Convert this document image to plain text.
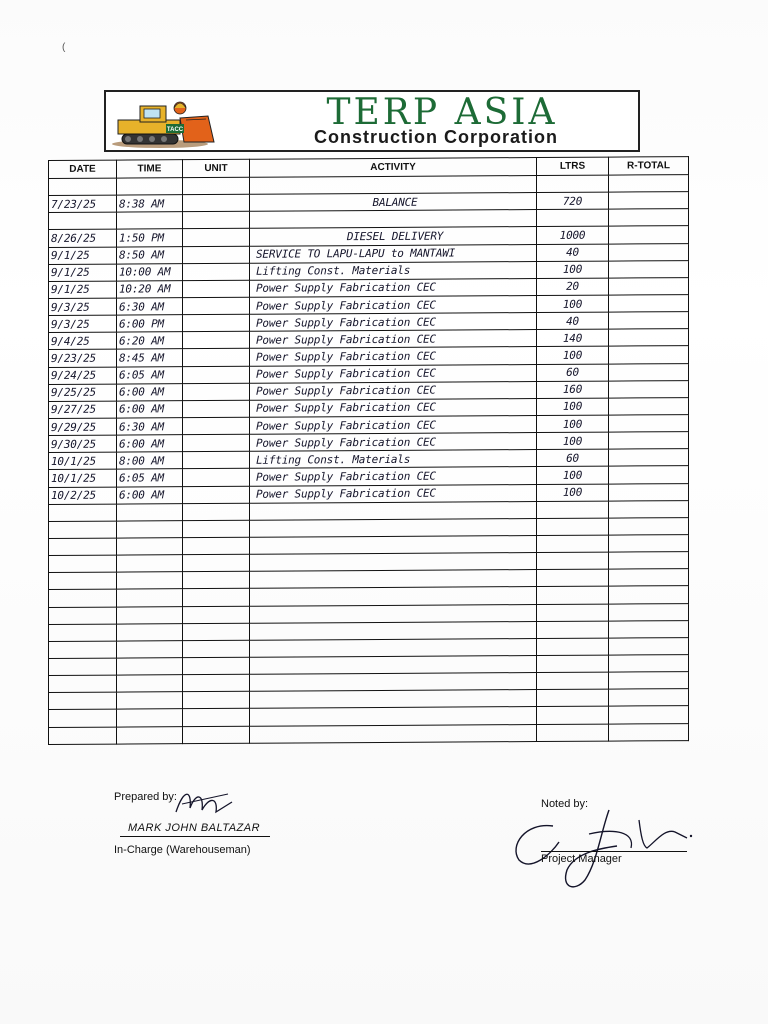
(
TACC	TERP ASIA
Construction Corporation
DATE	TIME	UNIT	ACTIVITY	LTRS	R-TOTAL

7/23/25	8:38 AM		BALANCE	720	

8/26/25	1:50 PM		DIESEL DELIVERY	1000	
9/1/25	8:50 AM		SERVICE TO LAPU-LAPU to MANTAWI	40	
9/1/25	10:00 AM		Lifting Const. Materials	100	
9/1/25	10:20 AM		Power Supply Fabrication CEC	20	
9/3/25	6:30 AM		Power Supply Fabrication CEC	100	
9/3/25	6:00 PM		Power Supply Fabrication CEC	40	
9/4/25	6:20 AM		Power Supply Fabrication CEC	140	
9/23/25	8:45 AM		Power Supply Fabrication CEC	100	
9/24/25	6:05 AM		Power Supply Fabrication CEC	60	
9/25/25	6:00 AM		Power Supply Fabrication CEC	160	
9/27/25	6:00 AM		Power Supply Fabrication CEC	100	
9/29/25	6:30 AM		Power Supply Fabrication CEC	100	
9/30/25	6:00 AM		Power Supply Fabrication CEC	100	
10/1/25	8:00 AM		Lifting Const. Materials	60	
10/1/25	6:05 AM		Power Supply Fabrication CEC	100	
10/2/25	6:00 AM		Power Supply Fabrication CEC	100	

Prepared by:
MARK JOHN BALTAZAR
In-Charge (Warehouseman)
Noted by:
Project Manager
